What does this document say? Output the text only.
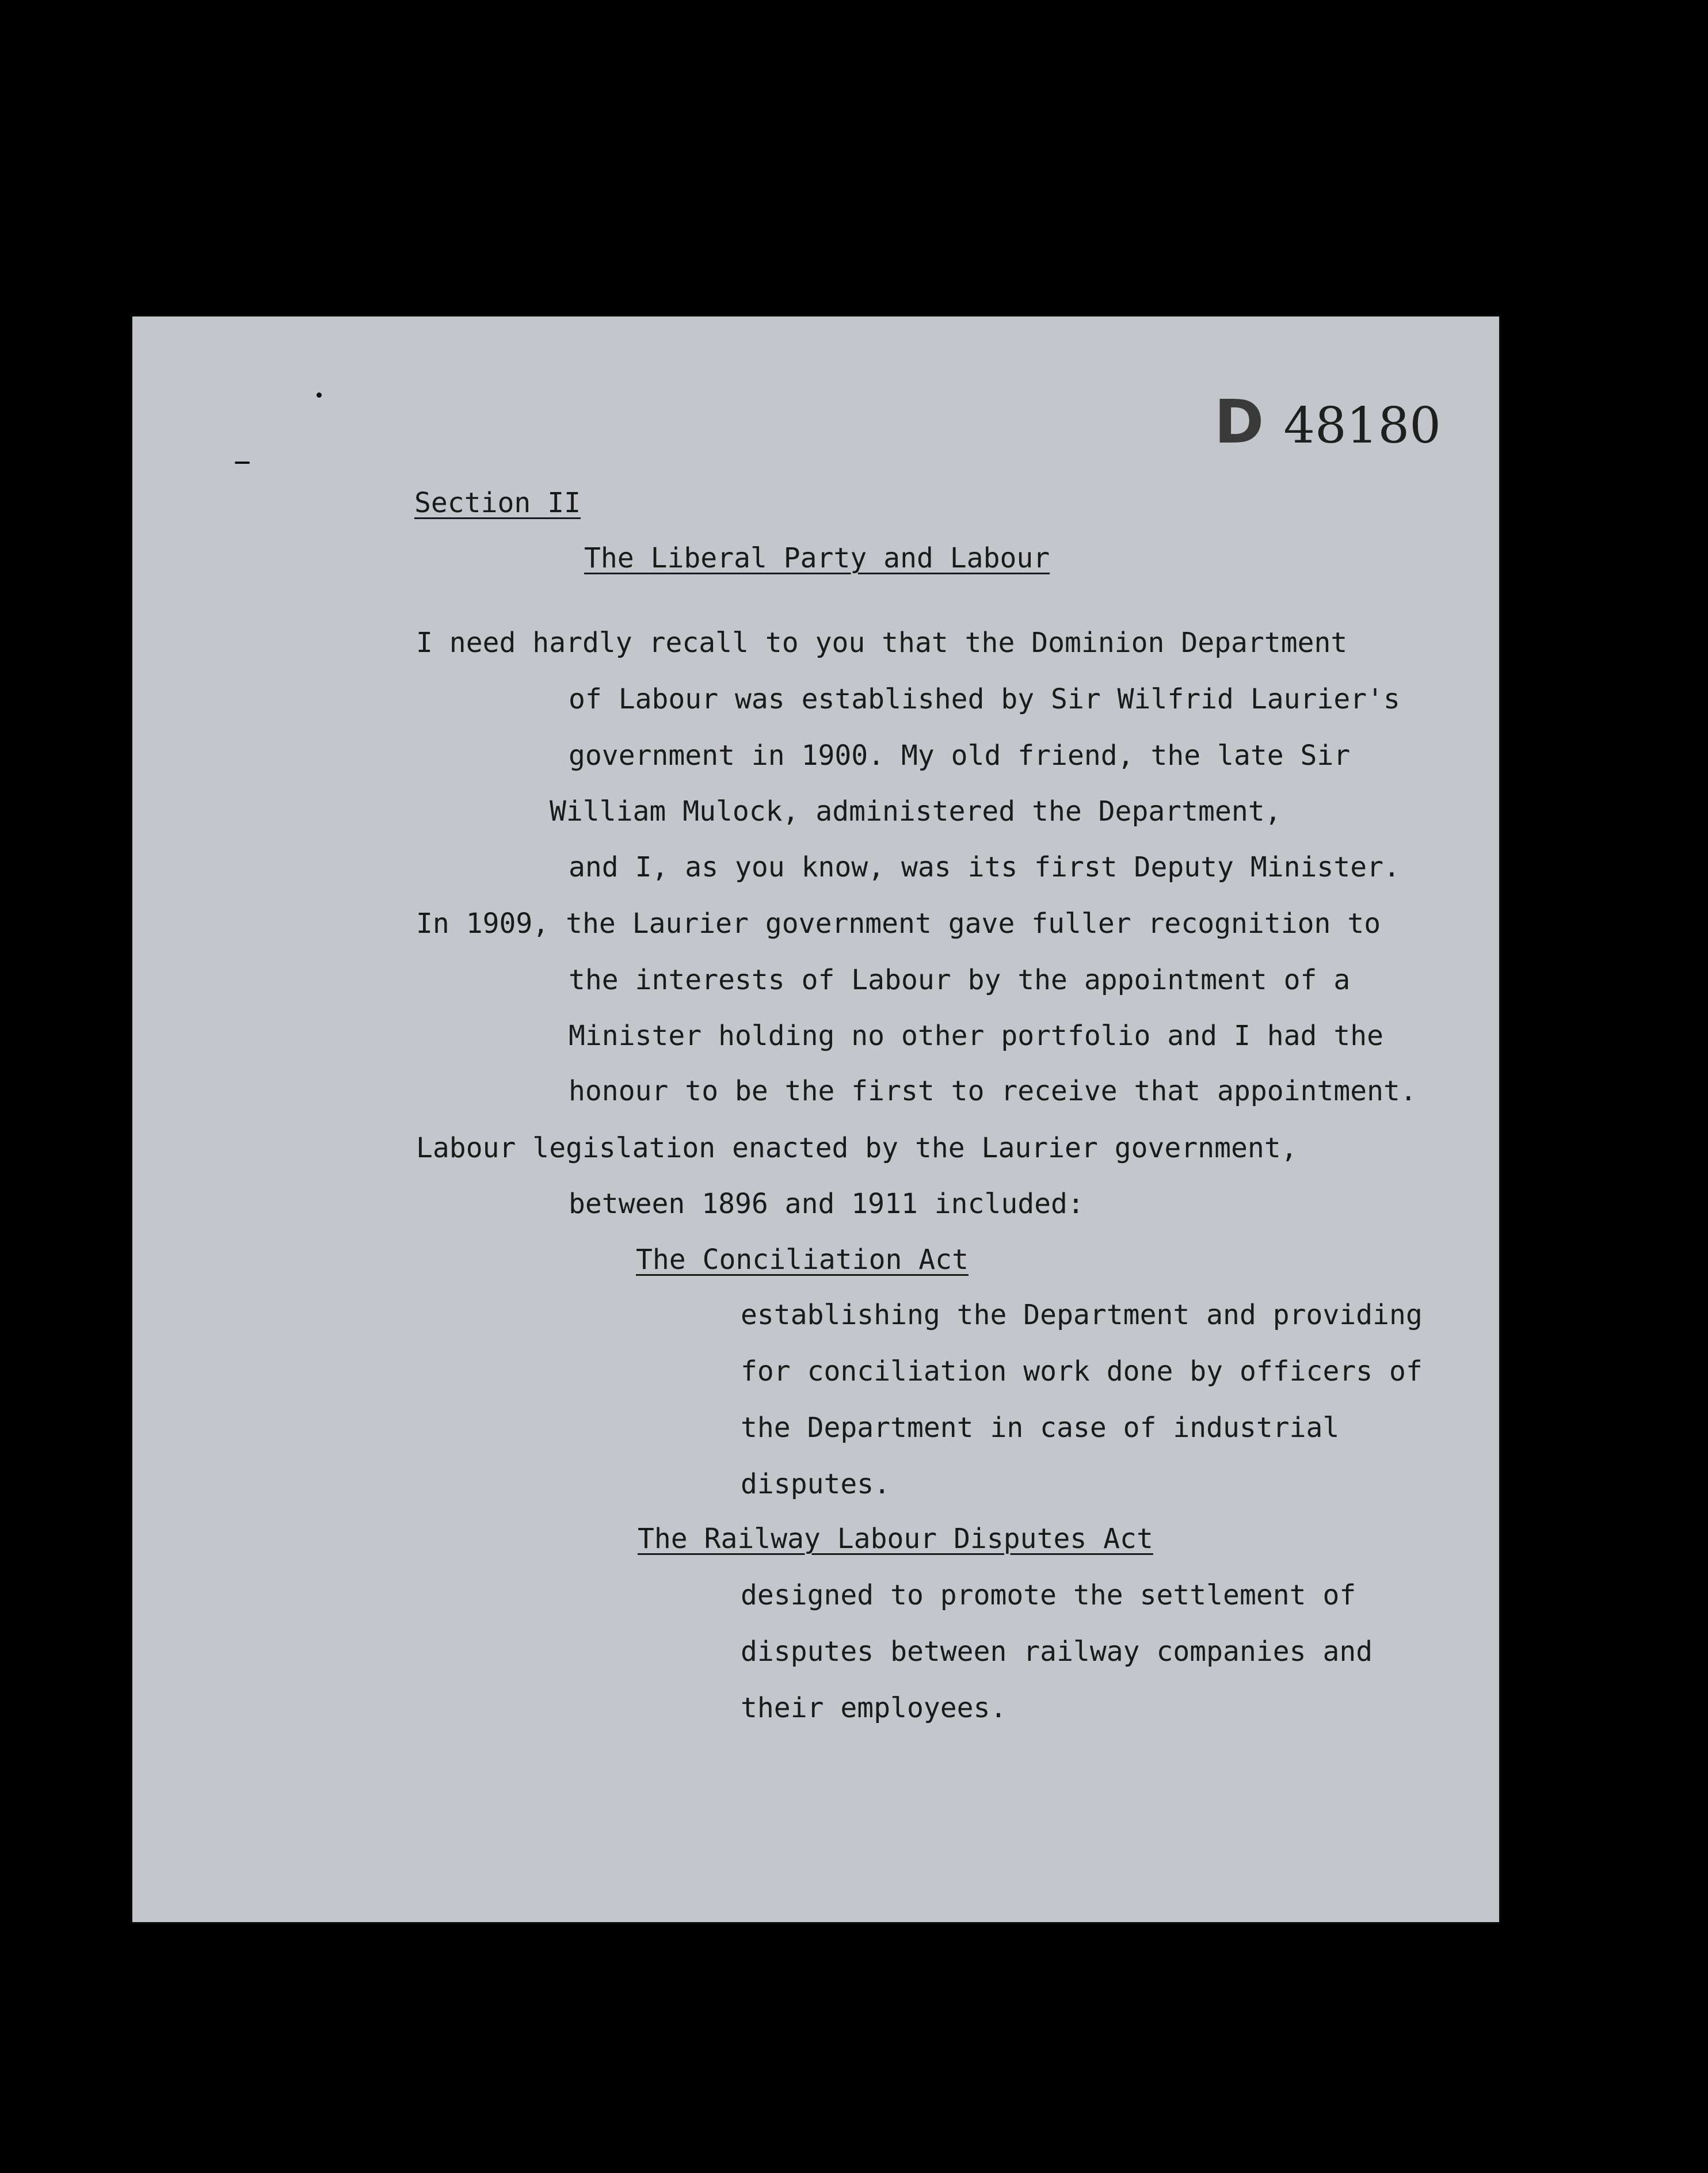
D 48180
Section II
The Liberal Party and Labour
I need hardly recall to you that the Dominion Department
of Labour was established by Sir Wilfrid Laurier's
government in 1900. My old friend, the late Sir
William Mulock, administered the Department,
and I, as you know, was its first Deputy Minister.
In 1909, the Laurier government gave fuller recognition to
the interests of Labour by the appointment of a
Minister holding no other portfolio and I had the
honour to be the first to receive that appointment.
Labour legislation enacted by the Laurier government,
between 1896 and 1911 included:
The Conciliation Act
establishing the Department and providing
for conciliation work done by officers of
the Department in case of industrial
disputes.
The Railway Labour Disputes Act
designed to promote the settlement of
disputes between railway companies and
their employees.
